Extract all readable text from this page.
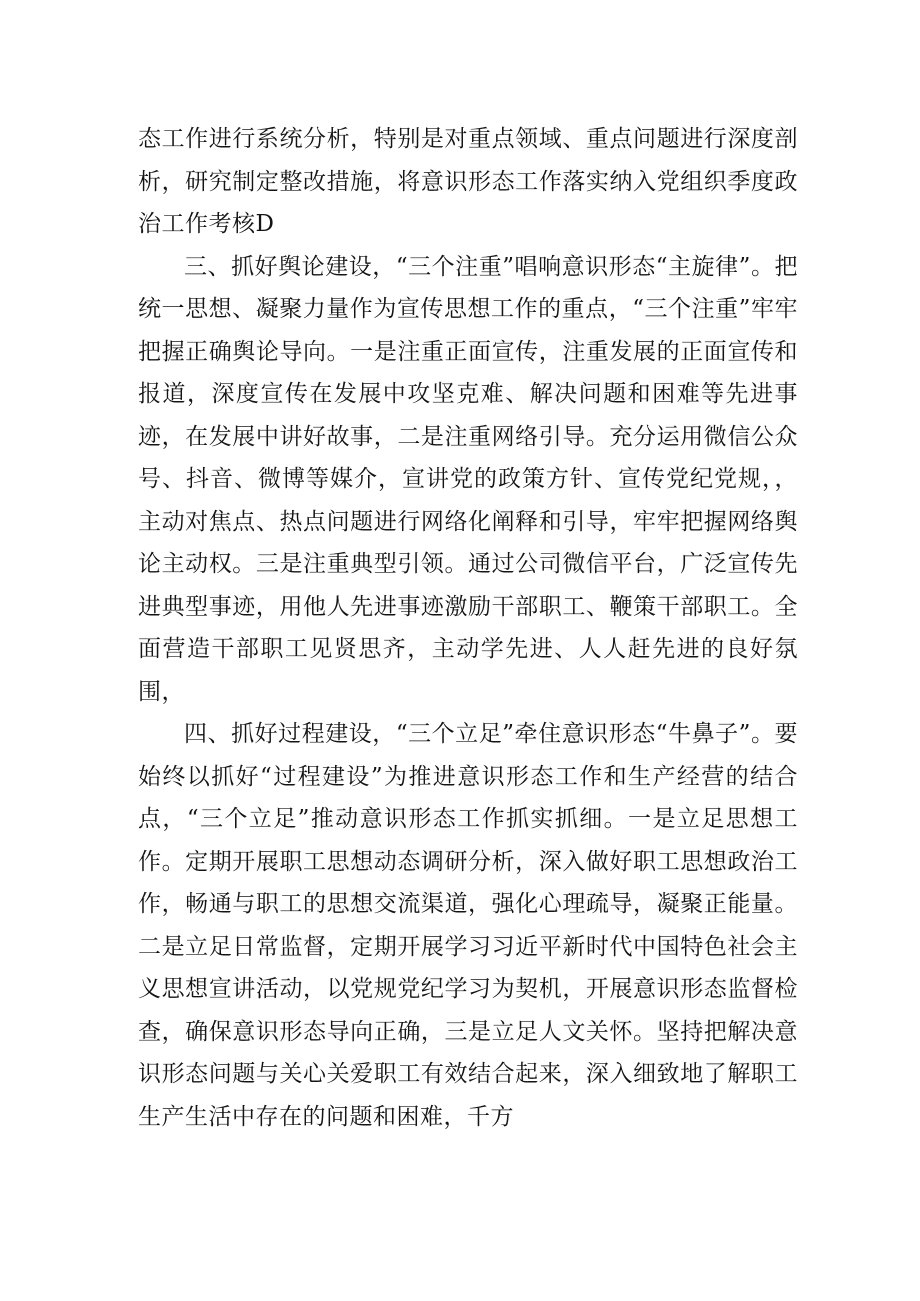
态工作进行系统分析，特别是对重点领域、重点问题进行深度剖析，研究制定整改措施，将意识形态工作落实纳入党组织季度政治工作考核D

三、抓好舆论建设，“三个注重”唱响意识形态“主旋律”。把统一思想、凝聚力量作为宣传思想工作的重点，“三个注重”牢牢把握正确舆论导向。一是注重正面宣传，注重发展的正面宣传和报道，深度宣传在发展中攻坚克难、解决问题和困难等先进事迹，在发展中讲好故事，二是注重网络引导。充分运用微信公众号、抖音、微博等媒介，宣讲党的政策方针、宣传党纪党规，，主动对焦点、热点问题进行网络化阐释和引导，牢牢把握网络舆论主动权。三是注重典型引领。通过公司微信平台，广泛宣传先进典型事迹，用他人先进事迹激励干部职工、鞭策干部职工。全面营造干部职工见贤思齐，主动学先进、人人赶先进的良好氛围，

四、抓好过程建设，“三个立足”牵住意识形态“牛鼻子”。要始终以抓好“过程建设”为推进意识形态工作和生产经营的结合点，“三个立足”推动意识形态工作抓实抓细。一是立足思想工作。定期开展职工思想动态调研分析，深入做好职工思想政治工作，畅通与职工的思想交流渠道，强化心理疏导，凝聚正能量。二是立足日常监督，定期开展学习习近平新时代中国特色社会主义思想宣讲活动，以党规党纪学习为契机，开展意识形态监督检查，确保意识形态导向正确，三是立足人文关怀。坚持把解决意识形态问题与关心关爱职工有效结合起来，深入细致地了解职工生产生活中存在的问题和困难，千方
